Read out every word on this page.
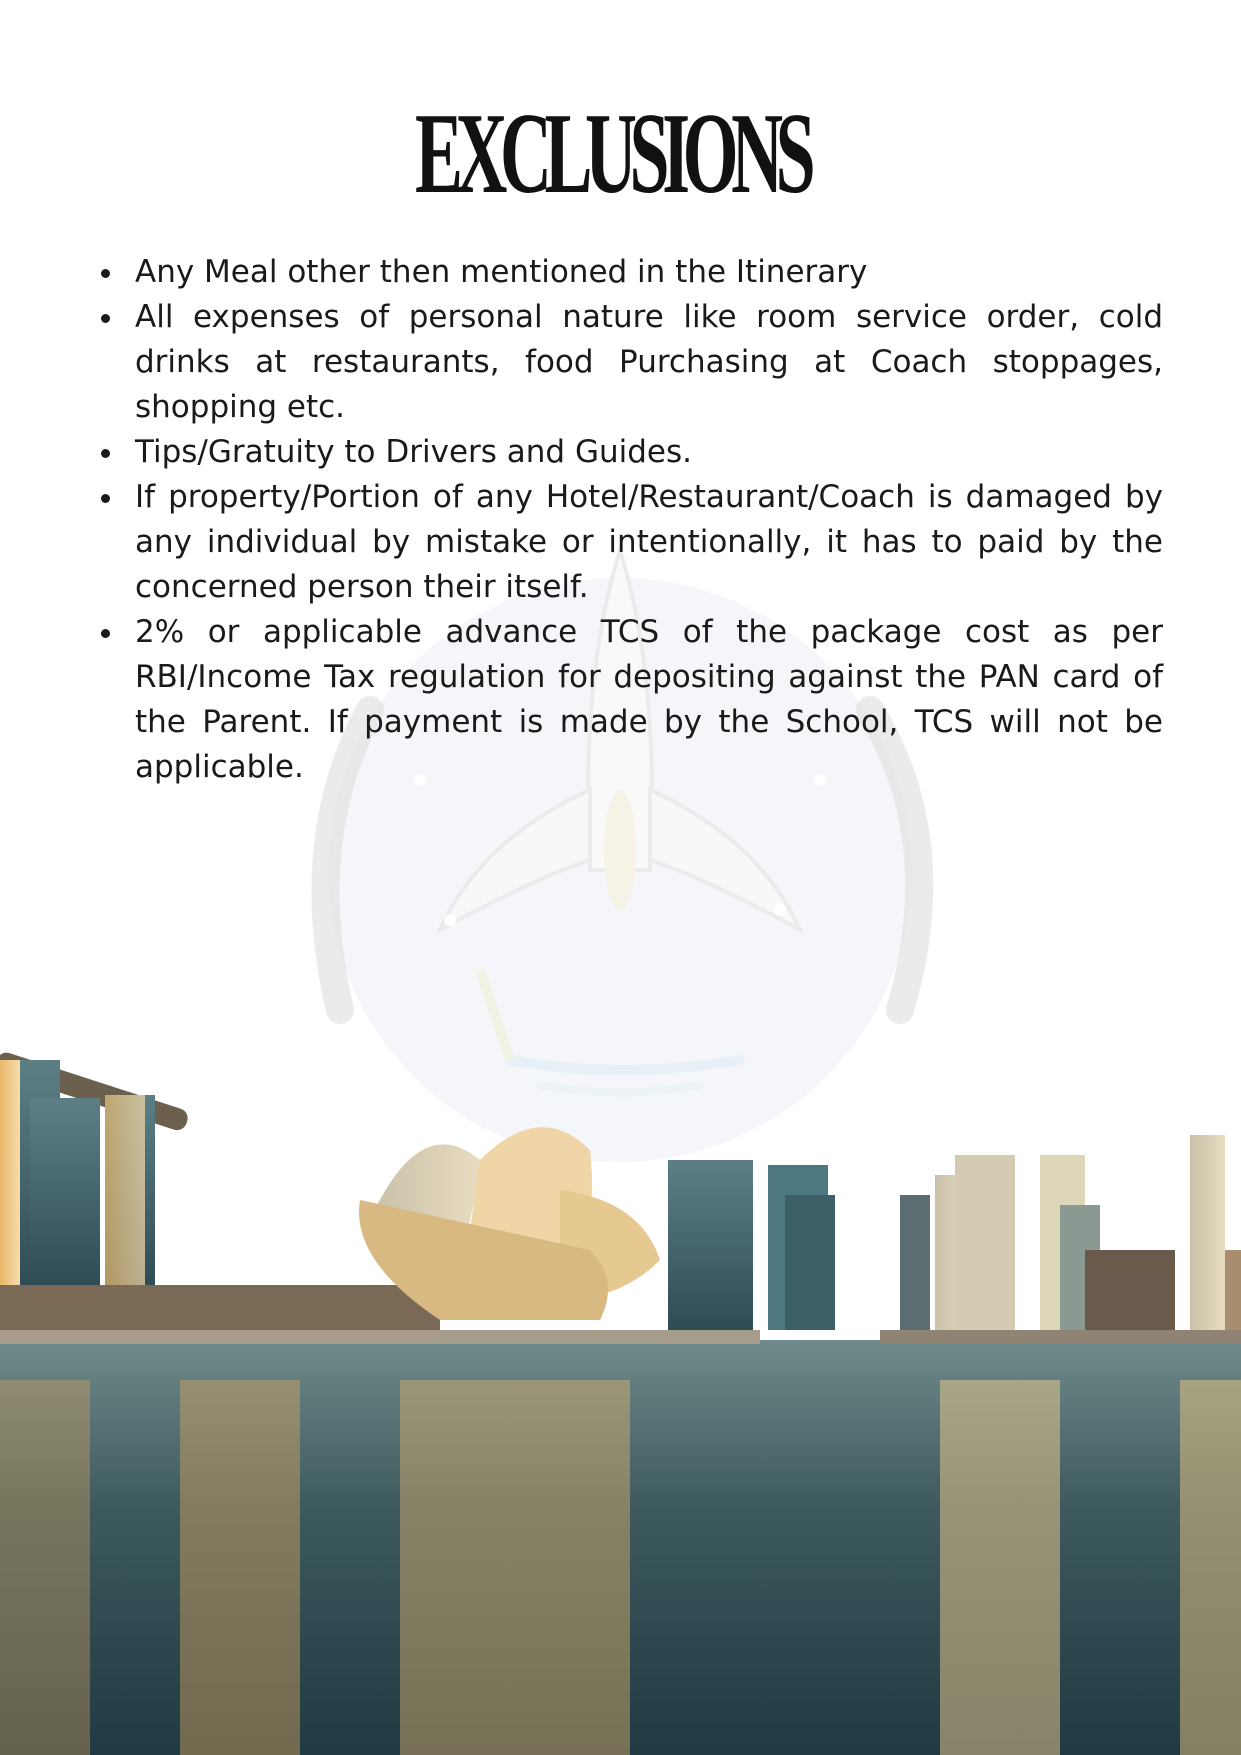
EXCLUSIONS
Any Meal other then mentioned in the Itinerary
All expenses of personal nature like room service order, cold drinks at restaurants, food Purchasing at Coach stoppages, shopping etc.
Tips/Gratuity to Drivers and Guides.
If property/Portion of any Hotel/Restaurant/Coach is damaged by any individual by mistake or intentionally, it has to paid by the concerned person their itself.
2% or applicable advance TCS of the package cost as per RBI/Income Tax regulation for depositing against the PAN card of the Parent. If payment is made by the School, TCS will not be applicable.
